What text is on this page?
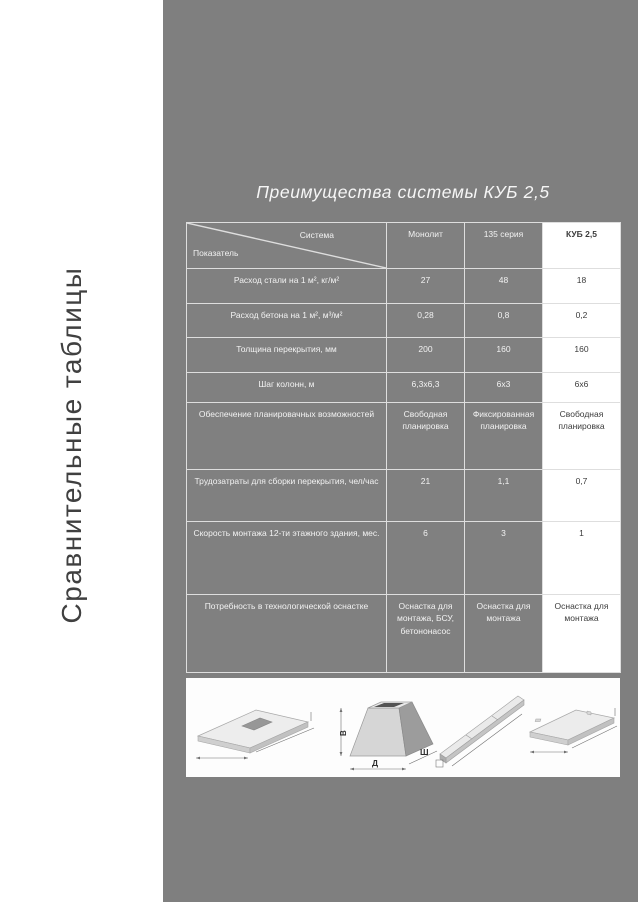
Сравнительные таблицы
Преимущества системы КУБ 2,5
Система
Показатель	Монолит	135 серия	КУБ 2,5
Расход стали на 1 м², кг/м²	27	48	18
Расход бетона на 1 м², м³/м²	0,28	0,8	0,2
Толщина перекрытия, мм	200	160	160
Шаг колонн, м	6,3х6,3	6х3	6х6
Обеспечение планировачных возможностей	Свободная планировка	Фиксированная планировка	Свободная планировка
Трудозатраты для сборки перекрытия, чел/час	21	1,1	0,7
Скорость монтажа 12-ти этажного здания, мес.	6	3	1
Потребность в технологической оснастке	Оснастка для монтажа, БСУ, бетононасос	Оснастка для монтажа	Оснастка для монтажа
В
Д
Ш
